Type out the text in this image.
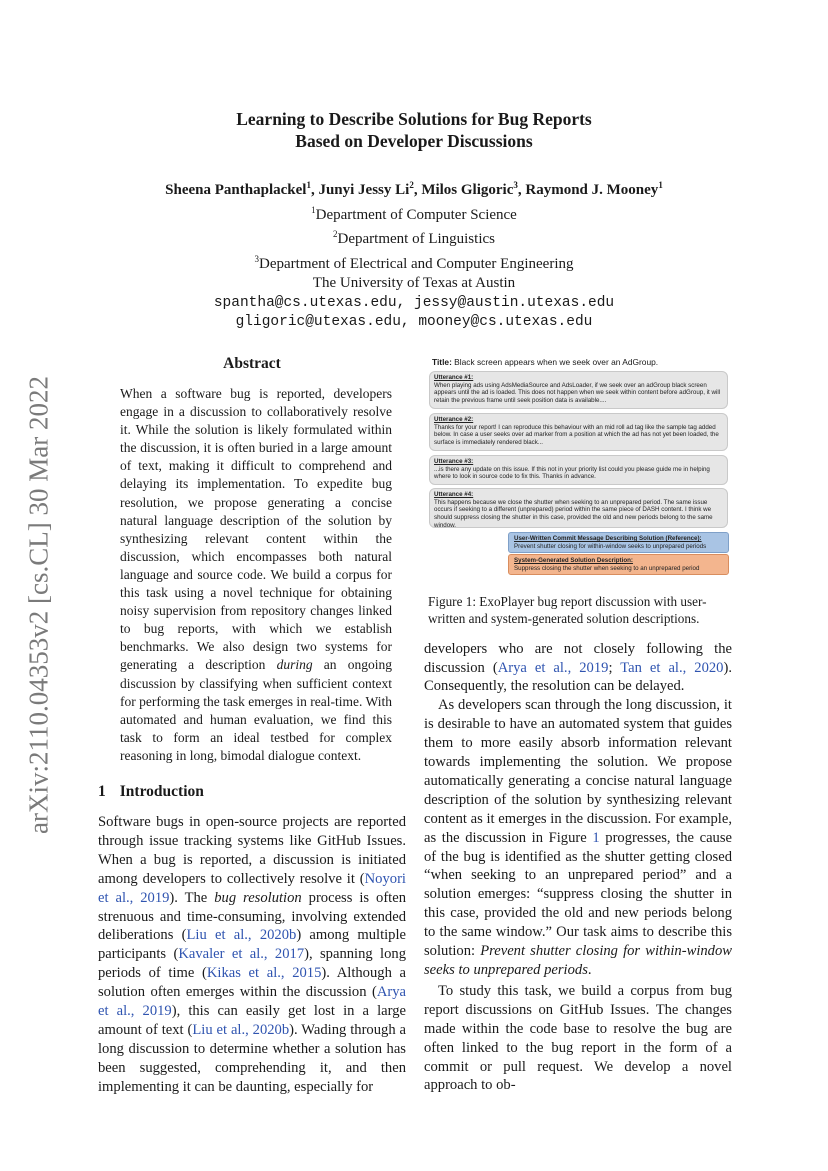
Learning to Describe Solutions for Bug Reports
Based on Developer Discussions
Sheena Panthaplackel$^1$, Junyi Jessy Li$^2$, Milos Gligoric$^3$, Raymond J. Mooney$^1$
$^1$Department of Computer Science
$^2$Department of Linguistics
$^3$Department of Electrical and Computer Engineering
The University of Texas at Austin
spantha@cs.utexas.edu, jessy@austin.utexas.edu
gligoric@utexas.edu, mooney@cs.utexas.edu
arXiv:2110.04353v2 [cs.CL] 30 Mar 2022
Abstract
When a software bug is reported, developers engage in a discussion to collaboratively resolve it. While the solution is likely formulated within the discussion, it is often buried in a large amount of text, making it difficult to comprehend and delaying its implementation. To expedite bug resolution, we propose generating a concise natural language description of the solution by synthesizing relevant content within the discussion, which encompasses both natural language and source code. We build a corpus for this task using a novel technique for obtaining noisy supervision from repository changes linked to bug reports, with which we establish benchmarks. We also design two systems for generating a description during an ongoing discussion by classifying when sufficient context for performing the task emerges in real-time. With automated and human evaluation, we find this task to form an ideal testbed for complex reasoning in long, bimodal dialogue context.
1 Introduction

Software bugs in open-source projects are reported through issue tracking systems like GitHub Issues. When a bug is reported, a discussion is initiated among developers to collectively resolve it (Noyori et al., 2019). The bug resolution process is often strenuous and time-consuming, involving extended deliberations (Liu et al., 2020b) among multiple participants (Kavaler et al., 2017), spanning long periods of time (Kikas et al., 2015). Although a solution often emerges within the discussion (Arya et al., 2019), this can easily get lost in a large amount of text (Liu et al., 2020b). Wading through a long discussion to determine whether a solution has been suggested, comprehending it, and then implementing it can be daunting, especially for

Title: Black screen appears when we seek over an AdGroup.
Utterance #1:
When playing ads using AdsMediaSource and AdsLoader, if we seek over an adGroup black screen appears until the ad is loaded. This does not happen when we seek within content before adGroup, it will retain the previous frame until seek position data is available....
Utterance #2:
Thanks for your report! I can reproduce this behaviour with an mid roll ad tag like the sample tag added below. In case a user seeks over ad marker from a position at which the ad has not yet been loaded, the surface is immediately rendered black...
Utterance #3:
...is there any update on this issue. If this not in your priority list could you please guide me in helping where to look in source code to fix this. Thanks in advance.
Utterance #4:
This happens because we close the shutter when seeking to an unprepared period. The same issue occurs if seeking to a different (unprepared) period within the same piece of DASH content. I think we should suppress closing the shutter in this case, provided the old and new periods belong to the same window.
User-Written Commit Message Describing Solution (Reference):
Prevent shutter closing for within-window seeks to unprepared periods
System-Generated Solution Description:
Suppress closing the shutter when seeking to an unprepared period
Figure 1: ExoPlayer bug report discussion with user-written and system-generated solution descriptions.

developers who are not closely following the discussion (Arya et al., 2019; Tan et al., 2020). Consequently, the resolution can be delayed.

As developers scan through the long discussion, it is desirable to have an automated system that guides them to more easily absorb information relevant towards implementing the solution. We propose automatically generating a concise natural language description of the solution by synthesizing relevant content as it emerges in the discussion. For example, as the discussion in Figure 1 progresses, the cause of the bug is identified as the shutter getting closed “when seeking to an unprepared period” and a solution emerges: “suppress closing the shutter in this case, provided the old and new periods belong to the same window.” Our task aims to describe this solution: Prevent shutter closing for within-window seeks to unprepared periods.

To study this task, we build a corpus from bug report discussions on GitHub Issues. The changes made within the code base to resolve the bug are often linked to the bug report in the form of a commit or pull request. We develop a novel approach to ob-
